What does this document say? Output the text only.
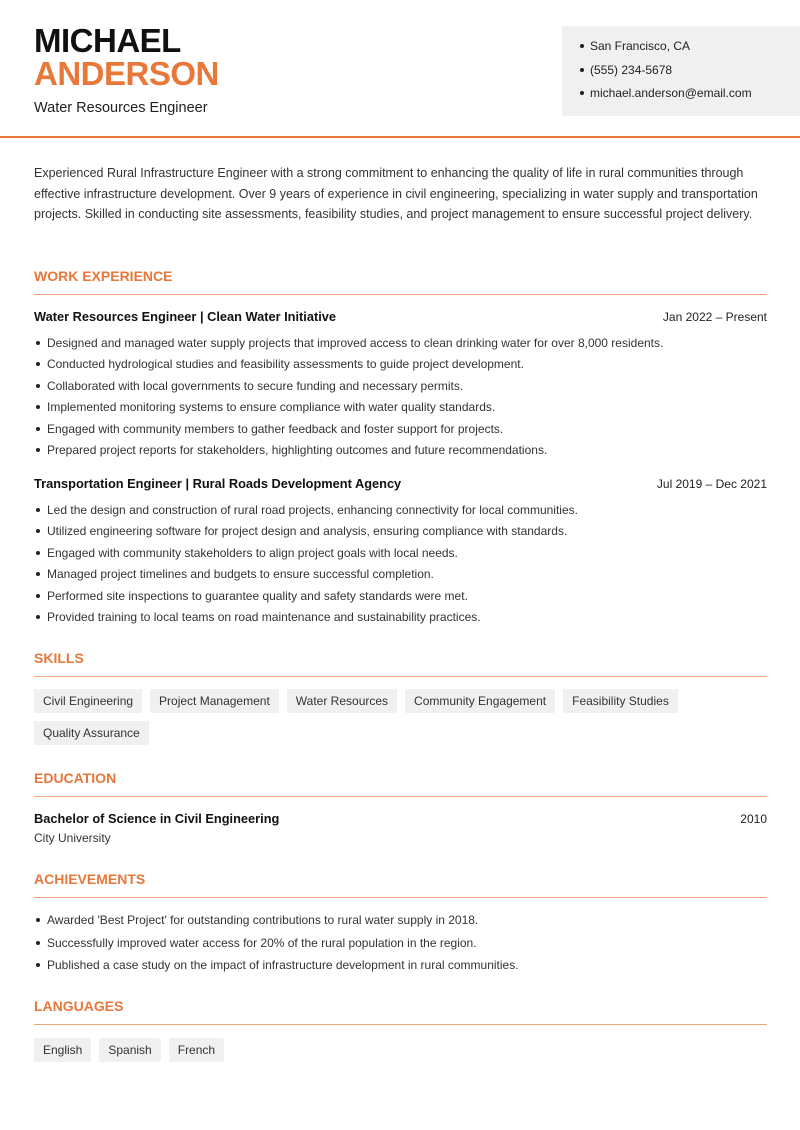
MICHAEL
ANDERSON
Water Resources Engineer
San Francisco, CA
(555) 234-5678
michael.anderson@email.com

Experienced Rural Infrastructure Engineer with a strong commitment to enhancing the quality of life in rural communities through effective infrastructure development. Over 9 years of experience in civil engineering, specializing in water supply and transportation projects. Skilled in conducting site assessments, feasibility studies, and project management to ensure successful project delivery.

WORK EXPERIENCE
Water Resources Engineer | Clean Water Initiative	Jan 2022 – Present
Designed and managed water supply projects that improved access to clean drinking water for over 8,000 residents.
Conducted hydrological studies and feasibility assessments to guide project development.
Collaborated with local governments to secure funding and necessary permits.
Implemented monitoring systems to ensure compliance with water quality standards.
Engaged with community members to gather feedback and foster support for projects.
Prepared project reports for stakeholders, highlighting outcomes and future recommendations.
Transportation Engineer | Rural Roads Development Agency	Jul 2019 – Dec 2021
Led the design and construction of rural road projects, enhancing connectivity for local communities.
Utilized engineering software for project design and analysis, ensuring compliance with standards.
Engaged with community stakeholders to align project goals with local needs.
Managed project timelines and budgets to ensure successful completion.
Performed site inspections to guarantee quality and safety standards were met.
Provided training to local teams on road maintenance and sustainability practices.
SKILLS
Civil Engineering	Project Management	Water Resources	Community Engagement	Feasibility Studies
Quality Assurance
EDUCATION
Bachelor of Science in Civil Engineering	2010
City University
ACHIEVEMENTS
Awarded 'Best Project' for outstanding contributions to rural water supply in 2018.
Successfully improved water access for 20% of the rural population in the region.
Published a case study on the impact of infrastructure development in rural communities.
LANGUAGES
English	Spanish	French
